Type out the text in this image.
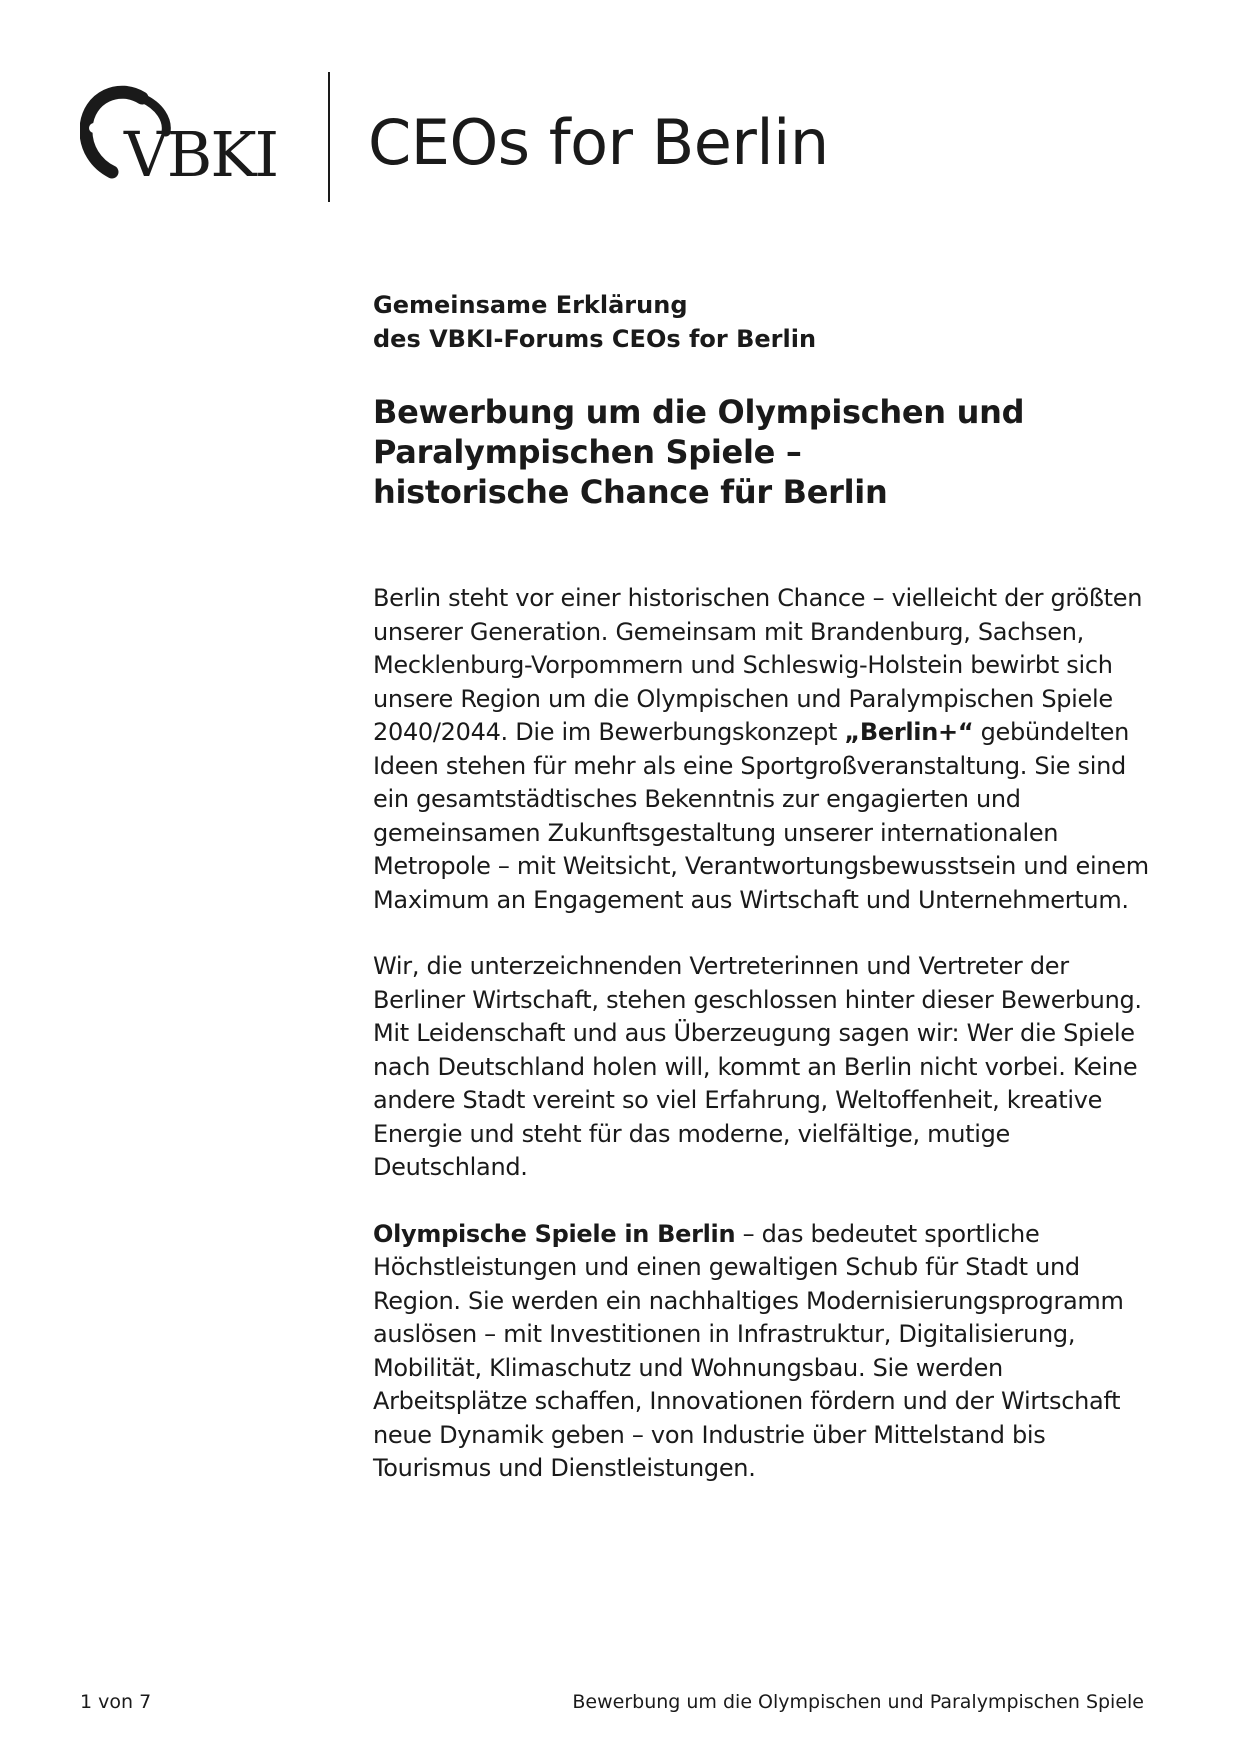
VBKI CEOs for Berlin
Gemeinsame Erklärung
des VBKI-Forums CEOs for Berlin
Bewerbung um die Olympischen und
Paralympischen Spiele –
historische Chance für Berlin

Berlin steht vor einer historischen Chance – vielleicht der größten unserer Generation. Gemeinsam mit Brandenburg, Sachsen, Mecklenburg-Vorpommern und Schleswig-Holstein bewirbt sich unsere Region um die Olympischen und Paralympischen Spiele 2040/2044. Die im Bewerbungskonzept „Berlin+“ gebündelten Ideen stehen für mehr als eine Sportgroßveranstaltung. Sie sind ein gesamtstädtisches Bekenntnis zur engagierten und gemeinsamen Zukunftsgestaltung unserer internationalen Metropole – mit Weitsicht, Verantwortungsbewusstsein und einem Maximum an Engagement aus Wirtschaft und Unternehmertum.

Wir, die unterzeichnenden Vertreterinnen und Vertreter der Berliner Wirtschaft, stehen geschlossen hinter dieser Bewerbung. Mit Leidenschaft und aus Überzeugung sagen wir: Wer die Spiele nach Deutschland holen will, kommt an Berlin nicht vorbei. Keine andere Stadt vereint so viel Erfahrung, Weltoffenheit, kreative Energie und steht für das moderne, vielfältige, mutige Deutschland.

Olympische Spiele in Berlin – das bedeutet sportliche Höchstleistungen und einen gewaltigen Schub für Stadt und Region. Sie werden ein nachhaltiges Modernisierungsprogramm auslösen – mit Investitionen in Infrastruktur, Digitalisierung, Mobilität, Klimaschutz und Wohnungsbau. Sie werden Arbeitsplätze schaffen, Innovationen fördern und der Wirtschaft neue Dynamik geben – von Industrie über Mittelstand bis Tourismus und Dienstleistungen.

1 von 7	Bewerbung um die Olympischen und Paralympischen Spiele
